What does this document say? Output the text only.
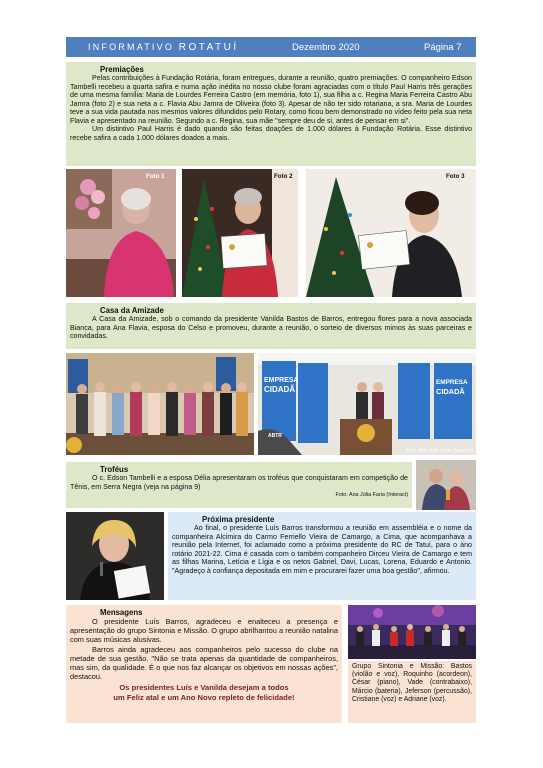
INFORMATIVO ROTATUÍ	Dezembro 2020	Página 7
Premiações

Pelas contribuições à Fundação Rotária, foram entregues, durante a reunião, quatro premiações. O companheiro Edson Tambelli recebeu a quarta safira e numa ação inédita no nosso clube foram agraciadas com o título Paul Harris três gerações de uma mesma família: Maria de Lourdes Ferreira Castro (em memória, foto 1), sua filha a c. Regina Maria Ferreira Castro Abu Jamra (foto 2) e sua neta a c. Flavia Abu Jamra de Oliveira (foto 3). Apesar de não ter sido rotariana, a sra. Maria de Lourdes teve a sua vida pautada nos mesmos valores difundidos pelo Rotary, como ficou bem demonstrado no vídeo feito pela sua neta Flavia e apresentado na reunião. Segundo a c. Regina, sua mãe "sempre deu de si, antes de pensar em si".

Um distintivo Paul Harris é dado quando são feitas doações de 1.000 dólares à Fundação Rotária. Esse distintivo recebe safira a cada 1.000 dólares doados a mais.

Foto 1	Foto 2	Foto 3
Casa da Amizade

A Casa da Amizade, sob o comando da presidente Vanilda Bastos de Barros, entregou flores para a nova associada Bianca, para Ana Flavia, esposa do Celso e promoveu, durante a reunião, o sorteio de diversos mimos às suas parceiras e convidadas.

EMPRESA
CIDADÃ
EMPRESA
CIDADÃ
ABTR
Foto: Ana Júlia Faria (Interact)
Troféus

O c. Edson Tambelli e a esposa Délia apresentaram os troféus que conquistaram em competição de Tênis, em Serra Negra (veja na página 9)

Foto: Ana Júlia Faria (Interact)
Próxima presidente

Ao final, o presidente Luís Barros transformou a reunião em assembléia e o nome da companheira Alcimira do Carmo Ferriello Vieira de Camargo, a Cima, que acompanhava a reunião pela Internet, foi aclamado como a próxima presidente do RC de Tatuí, para o ano rotário 2021-22. Cima é casada com o também companheiro Dirceu Vieira de Camargo e tem as filhas Marina, Letícia e Lígia e os netos Gabriel, Davi, Lucas, Lorena, Eduardo e Antonio. "Agradeço à confiança depositada em mim e procurarei fazer uma boa gestão", afirmou.

Mensagens

O presidente Luís Barros, agradeceu e enalteceu a presença e apresentação do grupo Sintonia e Missão. O grupo abrilhantou a reunião natalina com suas músicas alusivas.

Barros ainda agradeceu aos companheiros pelo sucesso do clube na metade de sua gestão. "Não se trata apenas da quantidade de companheiros, mas sim, da qualidade. É o que nos faz alcançar os objetivos em nossas ações", destacou.

Os presidentes Luís e Vanilda desejam a todos
um Feliz atal e um Ano Novo repleto de felicidade!
Grupo Sintonia e Missão: Bastos (violão e voz), Roquinho (acordeon), César (piano), Vade (contrabaixo), Márcio (bateria), Jeferson (percussão), Cristiane (voz) e Adriane (voz).
